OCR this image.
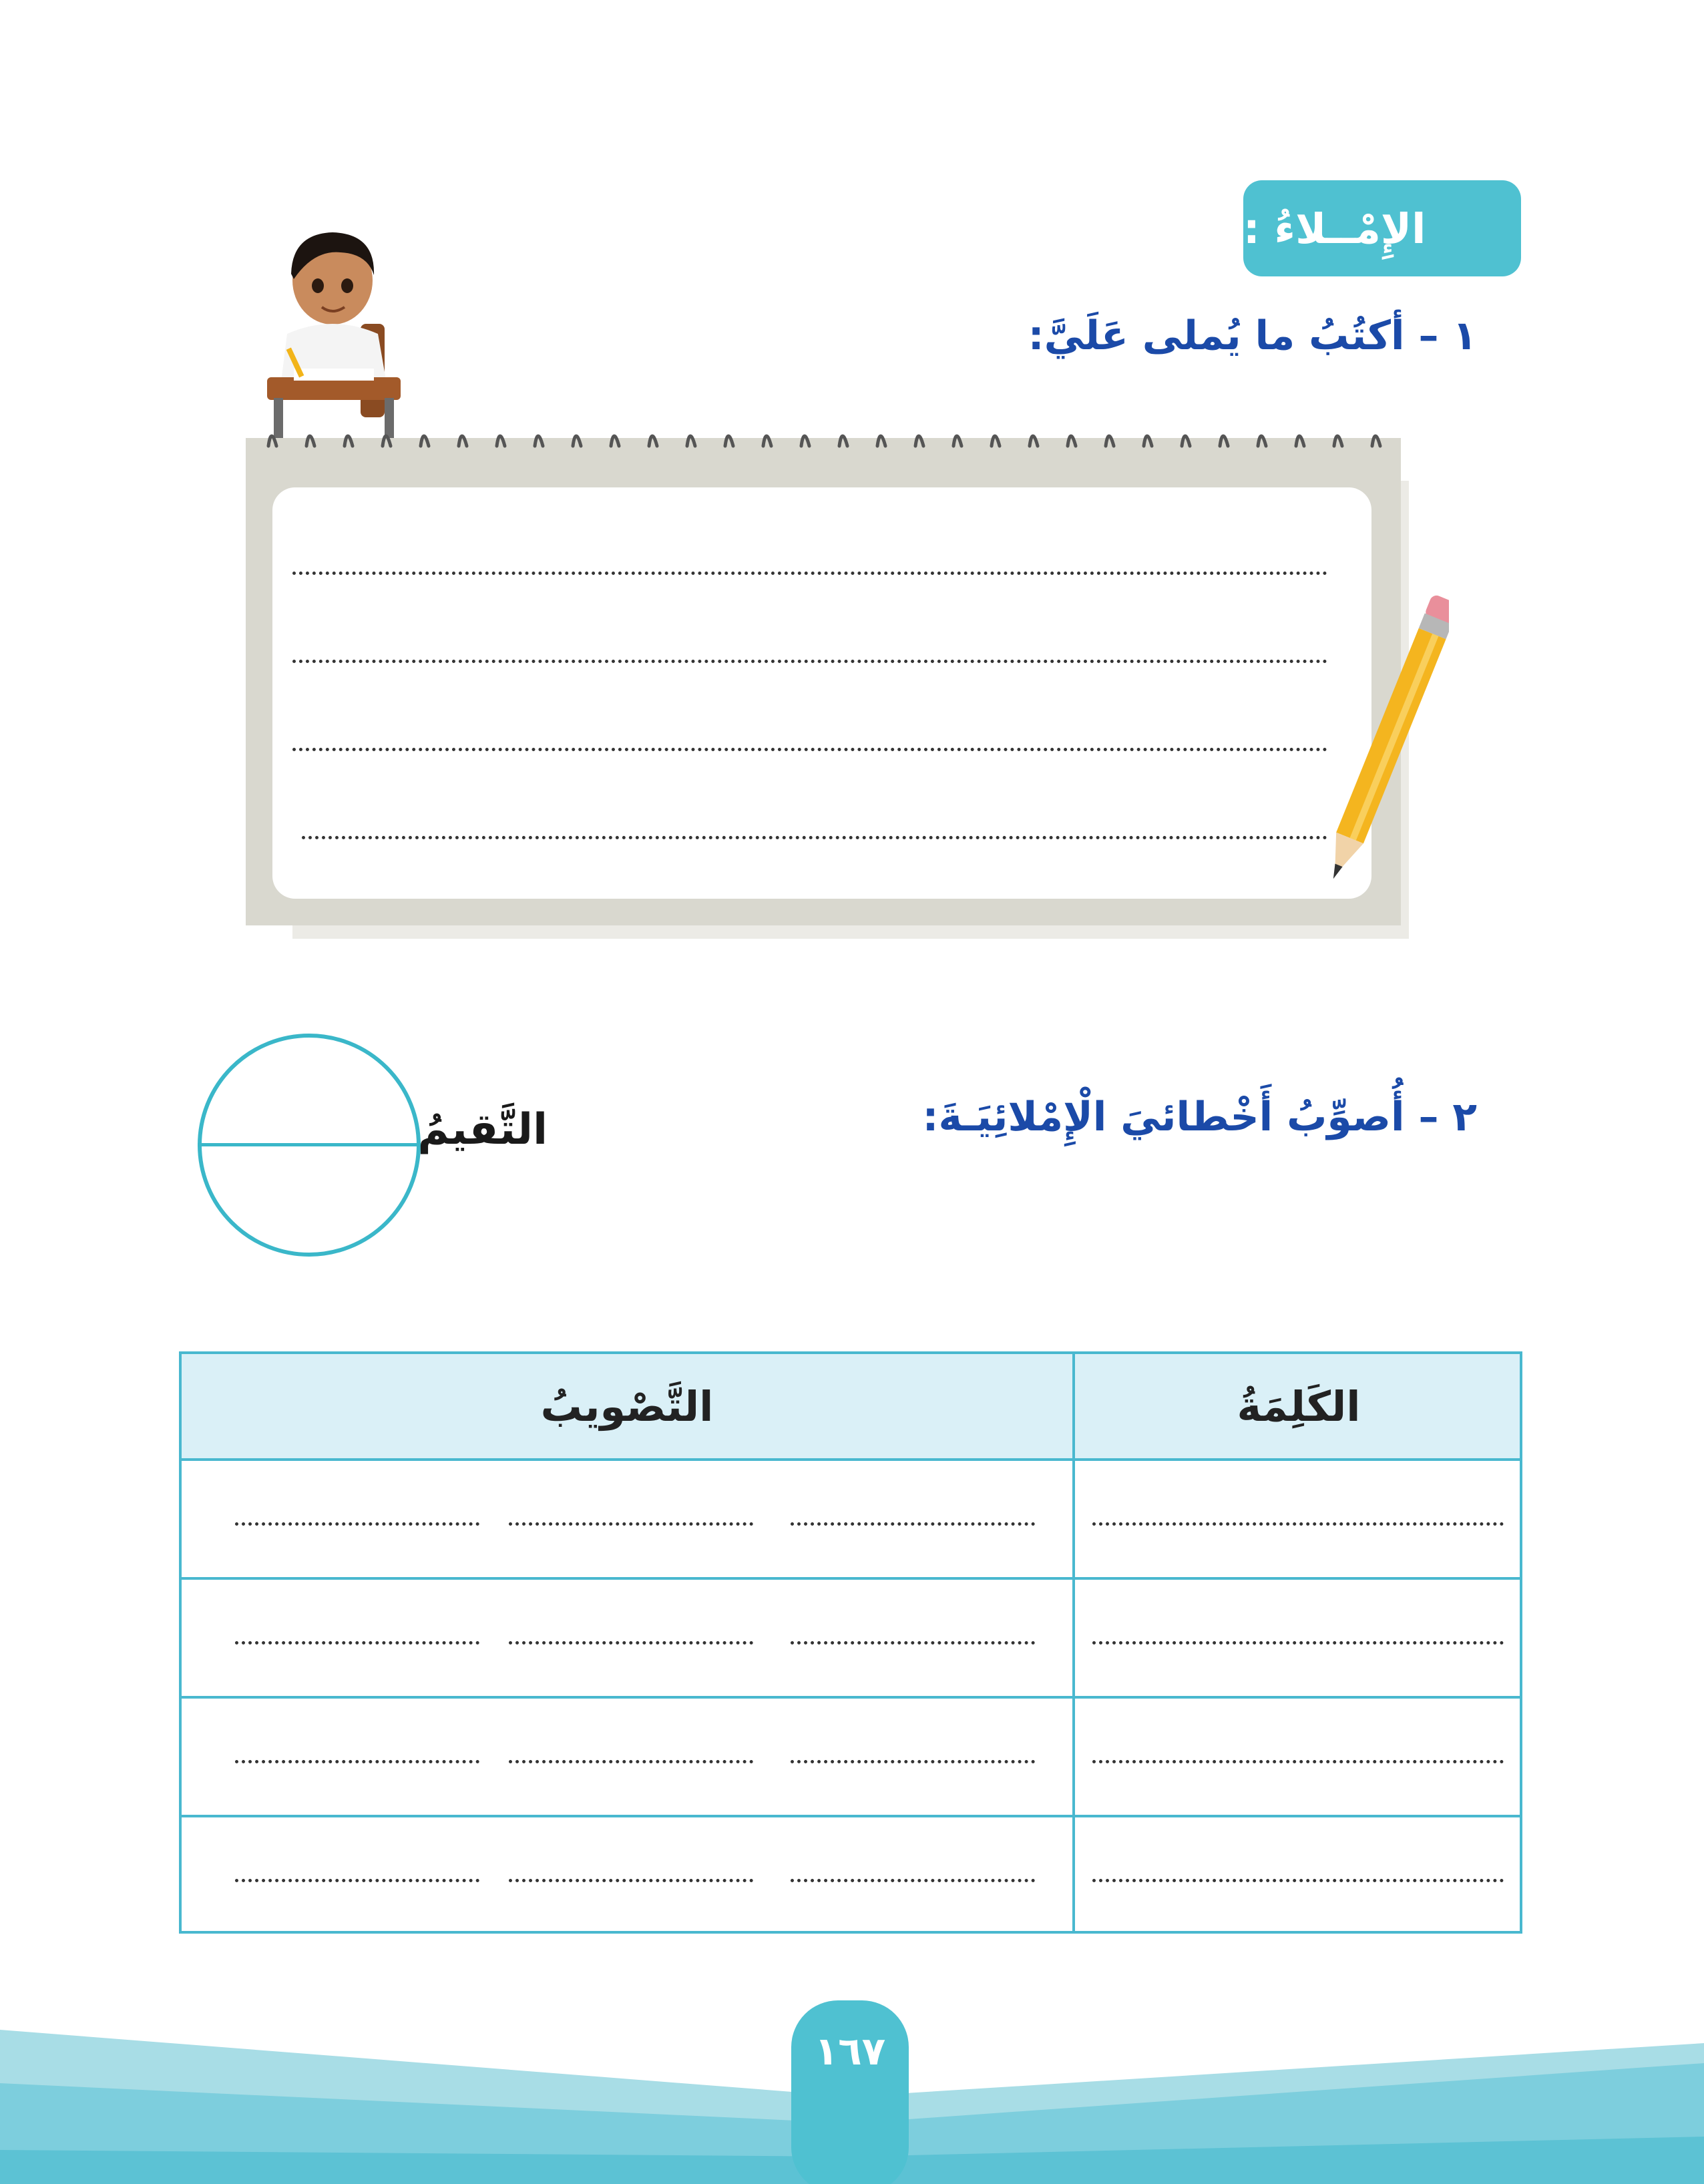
الإِمْــلاءُ :
١ – أكتُبُ ما يُملى عَلَيَّ:
٢ – أُصوِّبُ أَخْطائيَ الْإِمْلائِيَـةَ:
التَّقيمُ
الكَلِمَةُ
التَّصْويبُ
١٦٧
